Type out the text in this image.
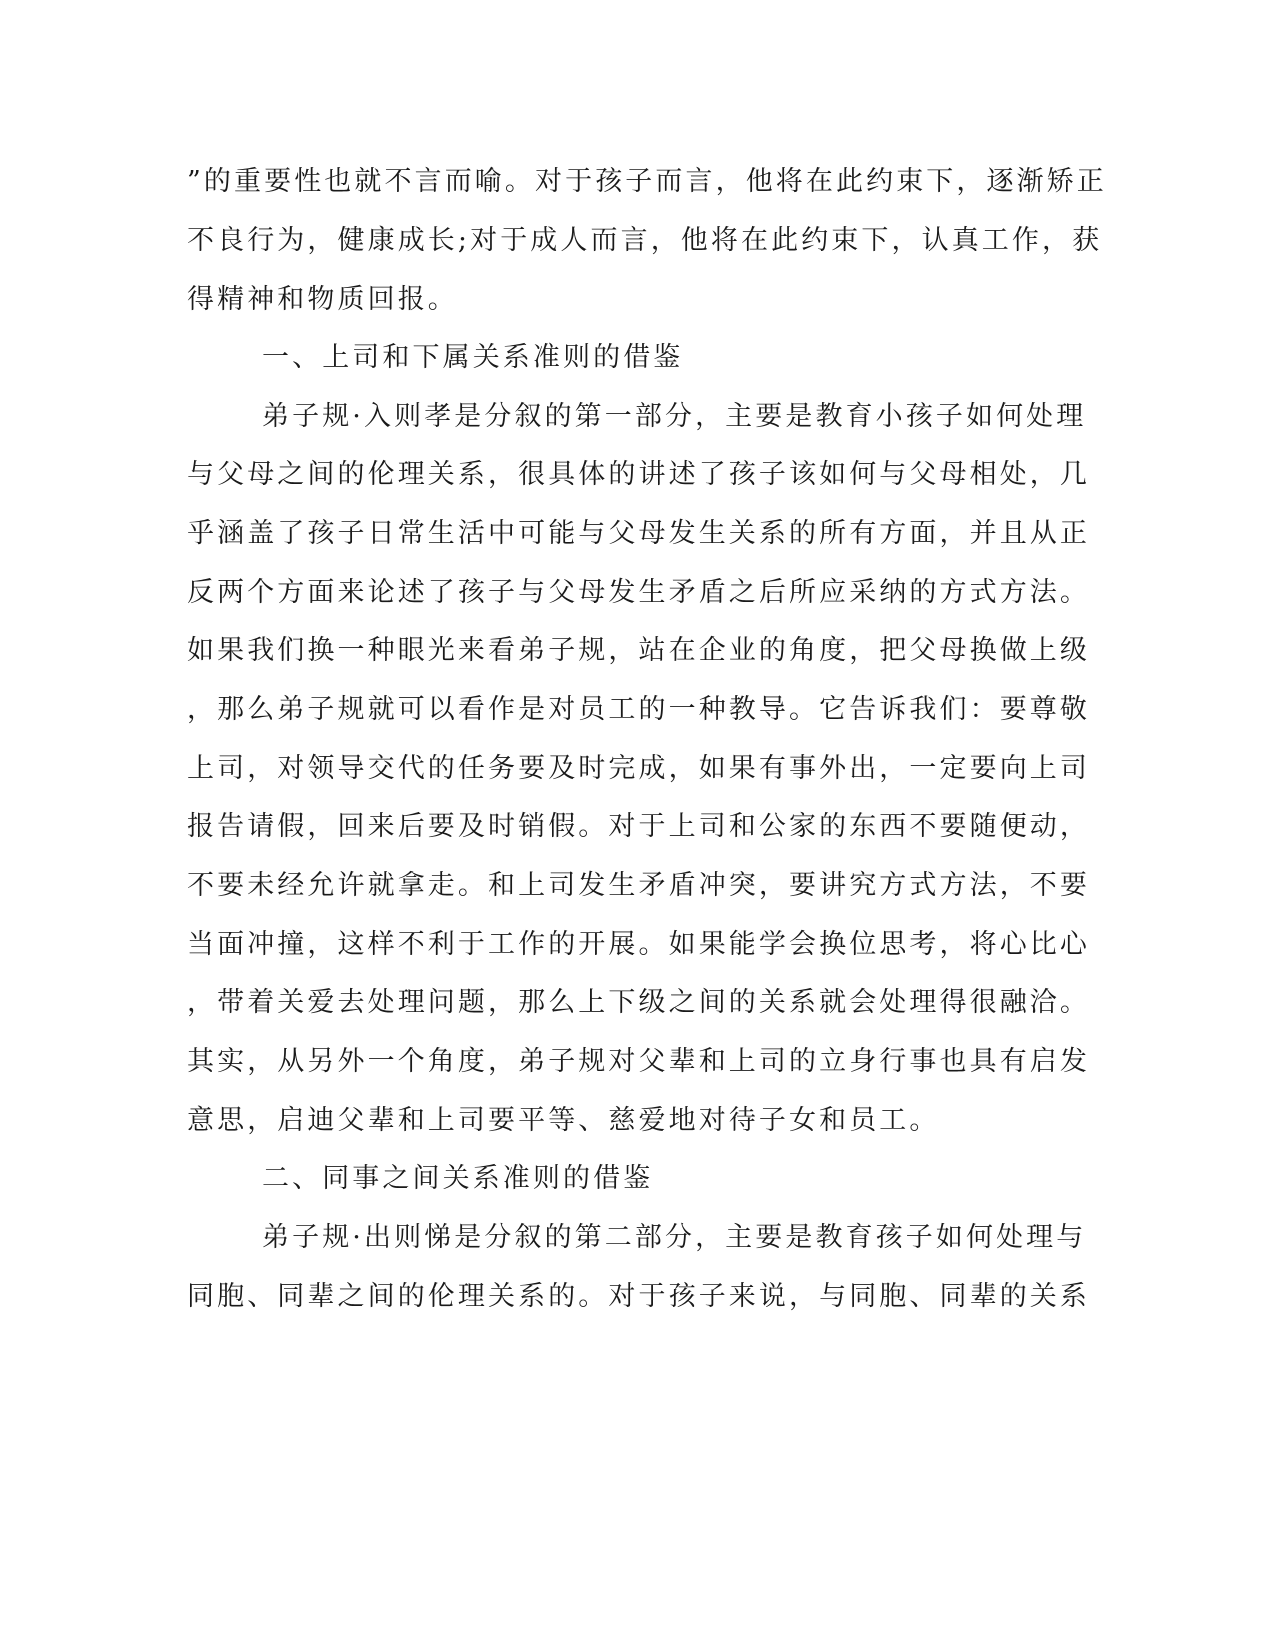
”的重要性也就不言而喻。对于孩子而言，他将在此约束下，逐渐矫正

不良行为，健康成长;对于成人而言，他将在此约束下，认真工作，获

得精神和物质回报。

一、上司和下属关系准则的借鉴

弟子规·入则孝是分叙的第一部分，主要是教育小孩子如何处理

与父母之间的伦理关系，很具体的讲述了孩子该如何与父母相处，几

乎涵盖了孩子日常生活中可能与父母发生关系的所有方面，并且从正

反两个方面来论述了孩子与父母发生矛盾之后所应采纳的方式方法。

如果我们换一种眼光来看弟子规，站在企业的角度，把父母换做上级

，那么弟子规就可以看作是对员工的一种教导。它告诉我们：要尊敬

上司，对领导交代的任务要及时完成，如果有事外出，一定要向上司

报告请假，回来后要及时销假。对于上司和公家的东西不要随便动，

不要未经允许就拿走。和上司发生矛盾冲突，要讲究方式方法，不要

当面冲撞，这样不利于工作的开展。如果能学会换位思考，将心比心

，带着关爱去处理问题，那么上下级之间的关系就会处理得很融洽。

其实，从另外一个角度，弟子规对父辈和上司的立身行事也具有启发

意思，启迪父辈和上司要平等、慈爱地对待子女和员工。

二、同事之间关系准则的借鉴

弟子规·出则悌是分叙的第二部分，主要是教育孩子如何处理与

同胞、同辈之间的伦理关系的。对于孩子来说，与同胞、同辈的关系
